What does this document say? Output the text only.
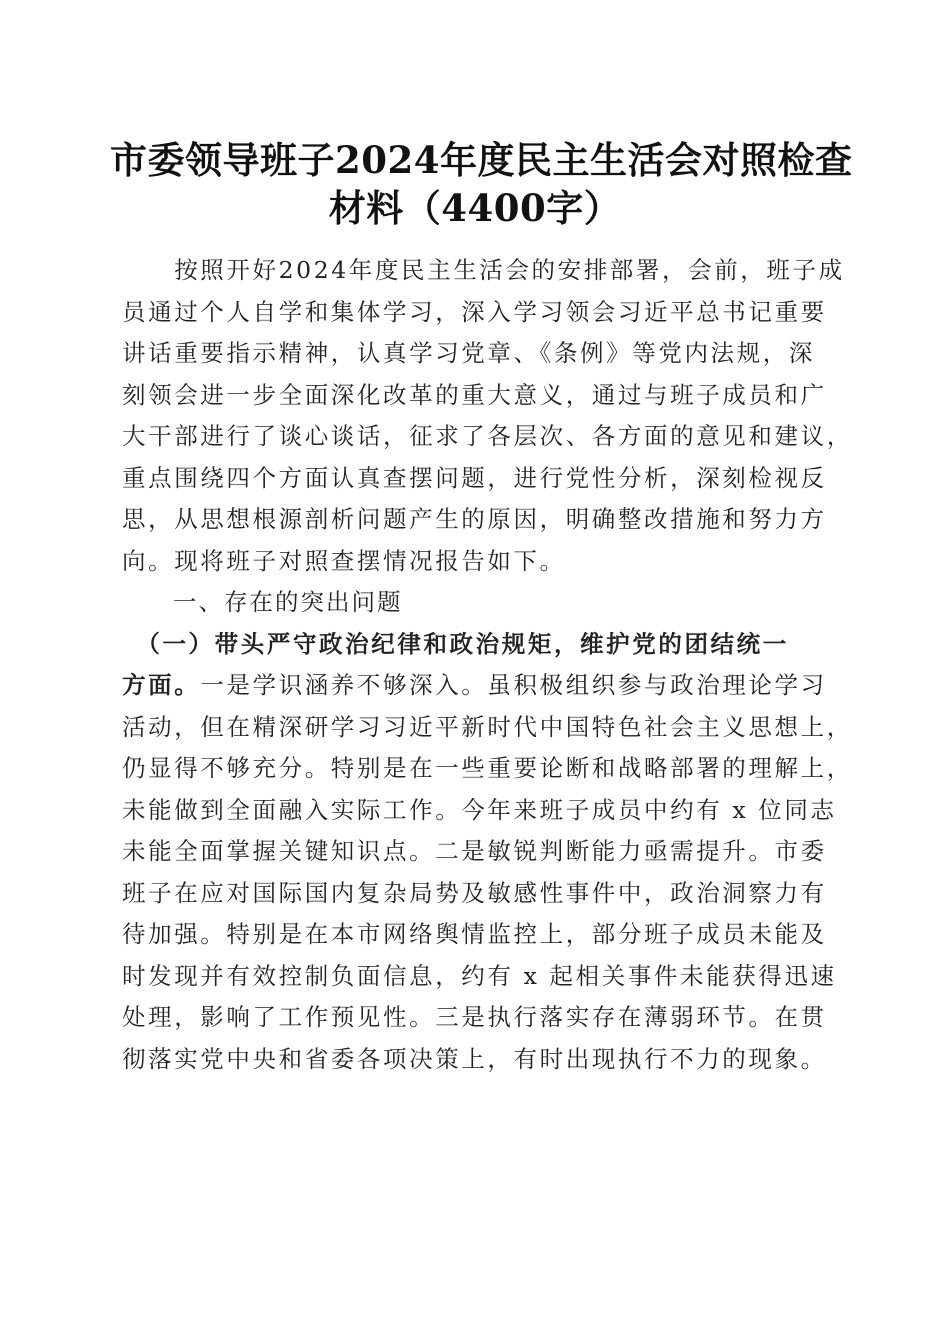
市委领导班子2024年度民主生活会对照检查
材料（4400字）
　　按照开好2024年度民主生活会的安排部署，会前，班子成
员通过个人自学和集体学习，深入学习领会习近平总书记重要
讲话重要指示精神，认真学习党章、《条例》等党内法规，深
刻领会进一步全面深化改革的重大意义，通过与班子成员和广
大干部进行了谈心谈话，征求了各层次、各方面的意见和建议，
重点围绕四个方面认真查摆问题，进行党性分析，深刻检视反
思，从思想根源剖析问题产生的原因，明确整改措施和努力方
向。现将班子对照查摆情况报告如下。
　　一、存在的突出问题
　（一）带头严守政治纪律和政治规矩，维护党的团结统一
方面。一是学识涵养不够深入。虽积极组织参与政治理论学习
活动，但在精深研学习习近平新时代中国特色社会主义思想上，
仍显得不够充分。特别是在一些重要论断和战略部署的理解上，
未能做到全面融入实际工作。今年来班子成员中约有 x 位同志
未能全面掌握关键知识点。二是敏锐判断能力亟需提升。市委
班子在应对国际国内复杂局势及敏感性事件中，政治洞察力有
待加强。特别是在本市网络舆情监控上，部分班子成员未能及
时发现并有效控制负面信息，约有 x 起相关事件未能获得迅速
处理，影响了工作预见性。三是执行落实存在薄弱环节。在贯
彻落实党中央和省委各项决策上，有时出现执行不力的现象。
